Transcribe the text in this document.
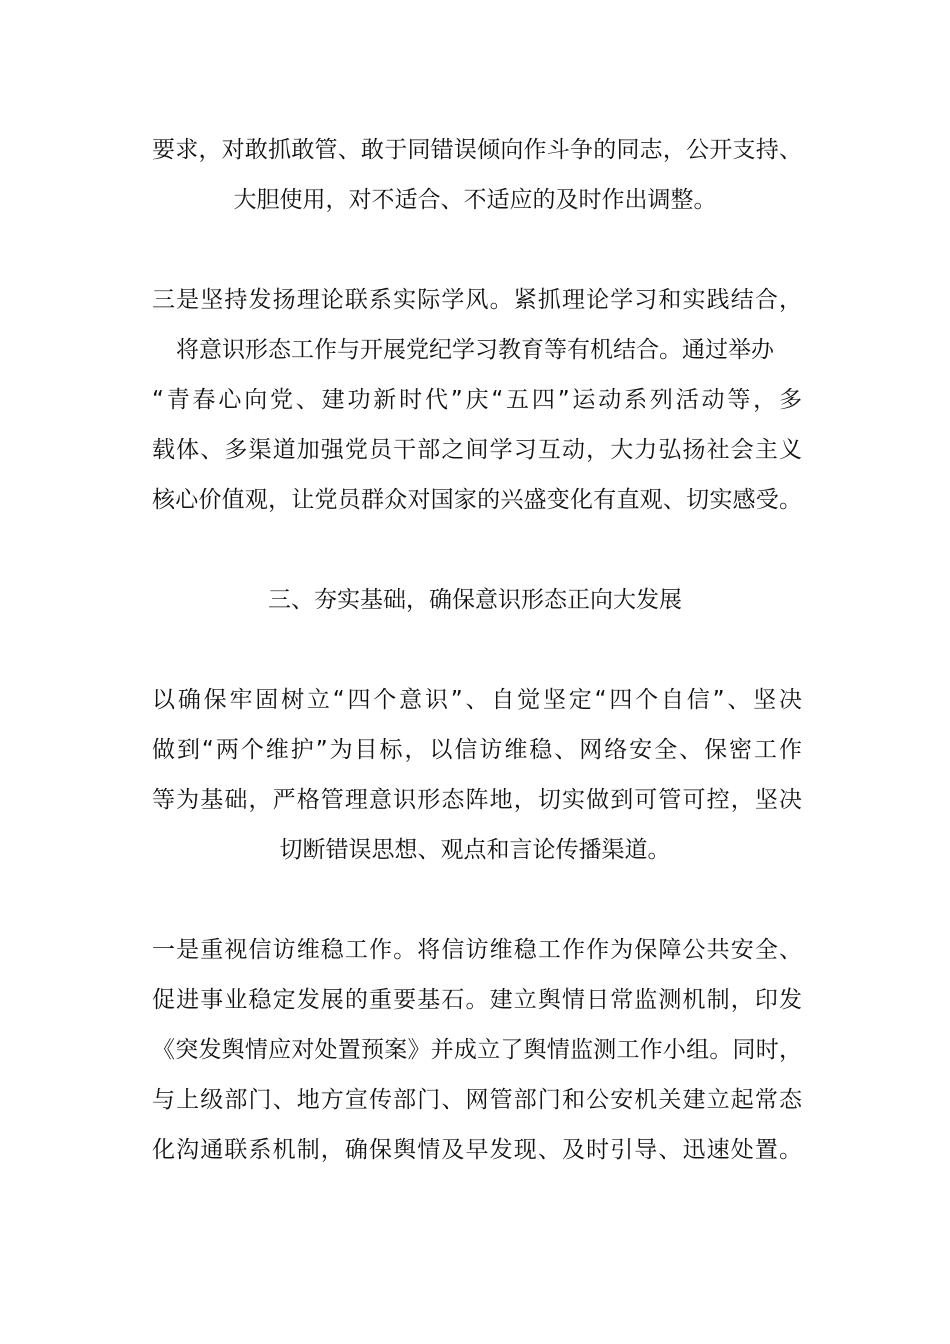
要求，对敢抓敢管、敢于同错误倾向作斗争的同志，公开支持、
大胆使用，对不适合、不适应的及时作出调整。
三是坚持发扬理论联系实际学风。紧抓理论学习和实践结合，
将意识形态工作与开展党纪学习教育等有机结合。通过举办
“青春心向党、建功新时代”庆“五四”运动系列活动等，多
载体、多渠道加强党员干部之间学习互动，大力弘扬社会主义
核心价值观，让党员群众对国家的兴盛变化有直观、切实感受。
三、夯实基础，确保意识形态正向大发展
以确保牢固树立“四个意识”、自觉坚定“四个自信”、坚决
做到“两个维护”为目标，以信访维稳、网络安全、保密工作
等为基础，严格管理意识形态阵地，切实做到可管可控，坚决
切断错误思想、观点和言论传播渠道。
一是重视信访维稳工作。将信访维稳工作作为保障公共安全、
促进事业稳定发展的重要基石。建立舆情日常监测机制，印发
《突发舆情应对处置预案》并成立了舆情监测工作小组。同时，
与上级部门、地方宣传部门、网管部门和公安机关建立起常态
化沟通联系机制，确保舆情及早发现、及时引导、迅速处置。
